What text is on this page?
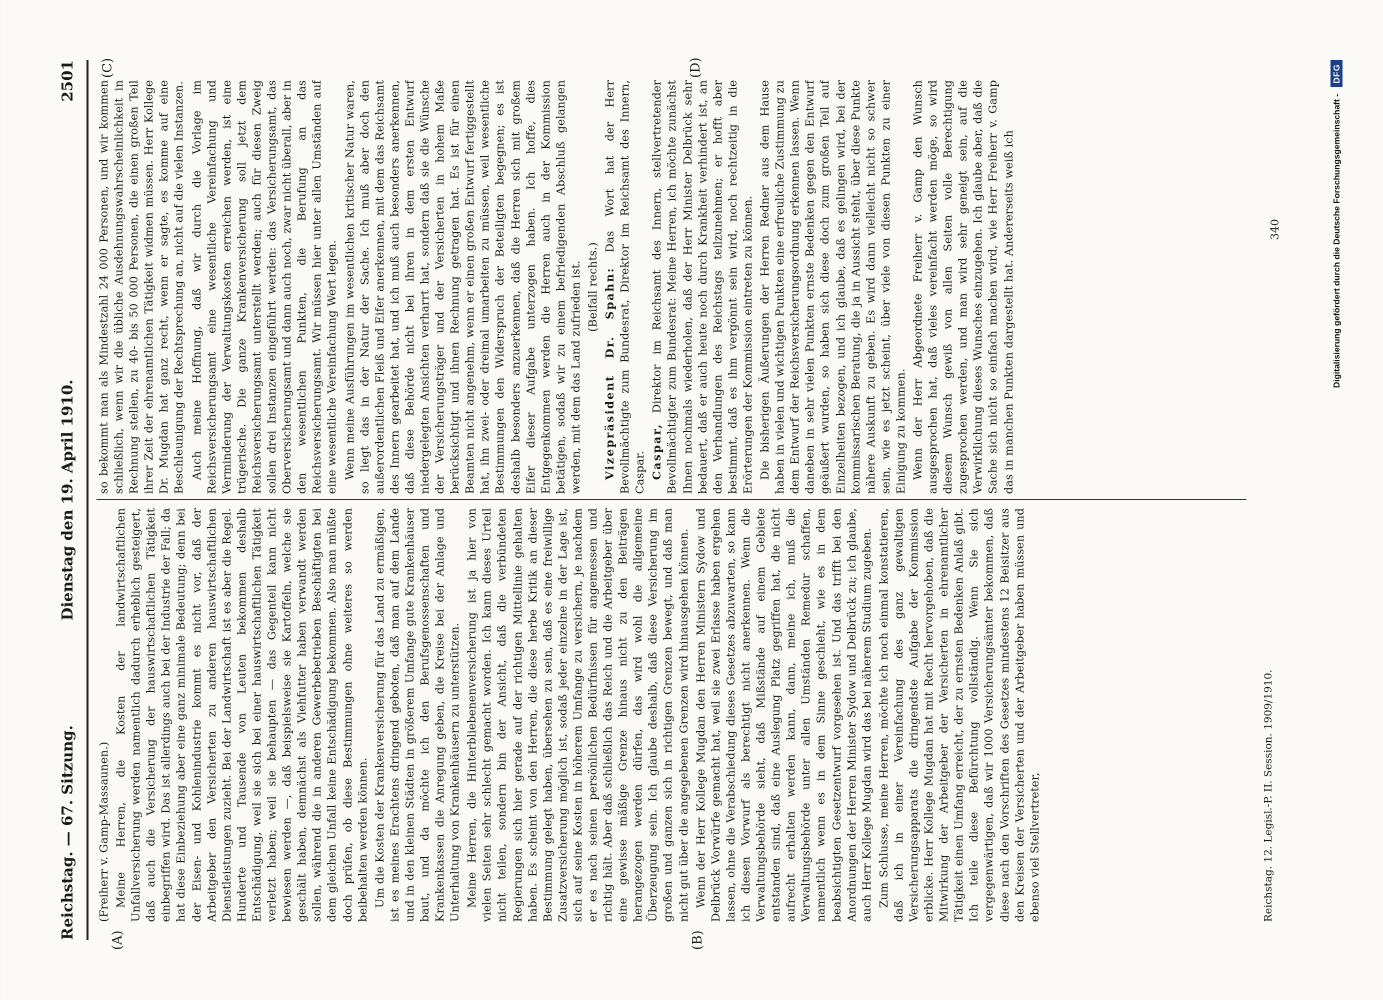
Reichstag. — 67. Sitzung.
Dienstag den 19. April 1910.
2501
(A)	(B)
(C)	(D)

(Freiherr v. Gamp-Massaunen.) Meine Herren, die Kosten der landwirtschaftlichen Unfallversicherung werden namentlich dadurch erheblich gesteigert, daß auch die Versicherung der hauswirtschaftlichen Tätigkeit einbegriffen wird. Das ist allerdings auch bei der Industrie der Fall; da hat diese Einbeziehung aber eine ganz minimale Bedeutung; denn bei der Eisen- und Kohlenindustrie kommt es nicht vor, daß der Arbeitgeber den Versicherten zu anderen hauswirtschaftlichen Dienstleistungen zuzieht. Bei der Landwirtschaft ist es aber die Regel. Hunderte und Tausende von Leuten bekommen deshalb Entschädigung, weil sie sich bei einer hauswirtschaftlichen Tätigkeit verletzt haben; weil sie behaupten — das Gegenteil kann nicht bewiesen werden —, daß beispielsweise sie Kartoffeln, welche sie geschält haben, demnächst als Viehfutter haben verwandt werden sollen, während die in anderen Gewerbebetrieben Beschäftigten bei dem gleichen Unfall keine Entschädigung bekommen. Also man müßte doch prüfen, ob diese Bestimmungen ohne weiteres so werden beibehalten werden können. Um die Kosten der Krankenversicherung für das Land zu ermäßigen, ist es meines Erachtens dringend geboten, daß man auf dem Lande und in den kleinen Städten in größerem Umfange gute Krankenhäuser baut, und da möchte ich den Berufsgenossenschaften und Krankenkassen die Anregung geben, die Kreise bei der Anlage und Unterhaltung von Krankenhäusern zu unterstützen. Meine Herren, die Hinterbliebenenversicherung ist ja hier von vielen Seiten sehr schlecht gemacht worden. Ich kann dieses Urteil nicht teilen, sondern bin der Ansicht, daß die verbündeten Regierungen sich hier gerade auf der richtigen Mittellinie gehalten haben. Es scheint von den Herren, die diese herbe Kritik an dieser Bestimmung gelegt haben, übersehen zu sein, daß es eine freiwillige Zusatzversicherung möglich ist, sodaß jeder einzelne in der Lage ist, sich auf seine Kosten in höherem Umfange zu versichern, je nachdem er es nach seinen persönlichen Bedürfnissen für angemessen und richtig hält. Aber daß schließlich das Reich und die Arbeitgeber über eine gewisse mäßige Grenze hinaus nicht zu den Beiträgen herangezogen werden dürfen, das wird wohl die allgemeine Überzeugung sein. Ich glaube deshalb, daß diese Versicherung im großen und ganzen sich in richtigen Grenzen bewegt, und daß man nicht gut über die angegebenen Grenzen wird hinausgehen können. Wenn der Herr Kollege Mugdan den Herren Ministern Sydow und Delbrück Vorwürfe gemacht hat, weil sie zwei Erlasse haben ergehen lassen, ohne die Verabschiedung dieses Gesetzes abzuwarten, so kann ich diesen Vorwurf als berechtigt nicht anerkennen. Wenn die Verwaltungsbehörde sieht, daß Mißstände auf einem Gebiete entstanden sind, daß eine Auslegung Platz gegriffen hat, die nicht aufrecht erhalten werden kann, dann, meine ich, muß die Verwaltungsbehörde unter allen Umständen Remedur schaffen, namentlich wenn es in dem Sinne geschieht, wie es in dem beabsichtigten Gesetzentwurf vorgesehen ist. Und das trifft bei den Anordnungen der Herren Minister Sydow und Delbrück zu; ich glaube, auch Herr Kollege Mugdan wird das bei näherem Studium zugeben. Zum Schlusse, meine Herren, möchte ich noch einmal konstatieren, daß ich in einer Vereinfachung des ganz gewaltigen Versicherungsapparats die dringendste Aufgabe der Kommission erblicke. Herr Kollege Mugdan hat mit Recht hervorgehoben, daß die Mitwirkung der Arbeitgeber der Versicherten in ehrenamtlicher Tätigkeit einen Umfang erreicht, der zu ernsten Bedenken Anlaß gibt. Ich teile diese Befürchtung vollständig. Wenn Sie sich vergegenwärtigen, daß wir 1000 Versicherungsämter bekommen, daß diese nach den Vorschriften des Gesetzes mindestens 12 Beisitzer aus den Kreisen der Versicherten und der Arbeitgeber haben müssen und ebenso viel Stellvertreter,

so bekommt man als Mindestzahl 24 000 Personen, und wir kommen schließlich, wenn wir die übliche Ausdehnungswahrscheinlichkeit in Rechnung stellen, zu 40- bis 50 000 Personen, die einen großen Teil ihrer Zeit der ehrenamtlichen Tätigkeit widmen müssen. Herr Kollege Dr. Mugdan hat ganz recht, wenn er sagte, es komme auf eine Beschleunigung der Rechtsprechung an, nicht auf die vielen Instanzen. Auch meine Hoffnung, daß wir durch die Vorlage im Reichsversicherungsamt eine wesentliche Vereinfachung und Verminderung der Verwaltungskosten erreichen werden, ist eine trügerische. Die ganze Krankenversicherung soll jetzt dem Reichsversicherungsamt unterstellt werden; auch für diesen Zweig sollen drei Instanzen eingeführt werden: das Versicherungsamt, das Oberversicherungsamt und dann auch noch, zwar nicht überall, aber in den wesentlichen Punkten, die Berufung an das Reichsversicherungsamt. Wir müssen hier unter allen Umständen auf eine wesentliche Vereinfachung Wert legen. Wenn meine Ausführungen im wesentlichen kritischer Natur waren, so liegt das in der Natur der Sache. Ich muß aber doch den außerordentlichen Fleiß und Eifer anerkennen, mit dem das Reichsamt des Innern gearbeitet hat, und ich muß auch besonders anerkennen, daß diese Behörde nicht bei ihren in dem ersten Entwurf niedergelegten Ansichten verharrt hat, sondern daß sie die Wünsche der Versicherungsträger und der Versicherten in hohem Maße berücksichtigt und ihnen Rechnung getragen hat. Es ist für einen Beamten nicht angenehm, wenn er einen großen Entwurf fertiggestellt hat, ihn zwei- oder dreimal umarbeiten zu müssen, weil wesentliche Bestimmungen den Widerspruch der Beteiligten begegnen; es ist deshalb besonders anzuerkennen, daß die Herren sich mit großem Eifer dieser Aufgabe unterzogen haben. Ich hoffe, dies Entgegenkommen werden die Herren auch in der Kommission betätigen, sodaß wir zu einem befriedigenden Abschluß gelangen werden, mit dem das Land zufrieden ist. (Beifall rechts.) Vizepräsident Dr. Spahn: Das Wort hat der Herr Bevollmächtigte zum Bundesrat, Direktor im Reichsamt des Innern, Caspar. Caspar, Direktor im Reichsamt des Innern, stellvertretender Bevollmächtigter zum Bundesrat: Meine Herren, ich möchte zunächst Ihnen nochmals wiederholen, daß der Herr Minister Delbrück sehr bedauert, daß er auch heute noch durch Krankheit verhindert ist, an den Verhandlungen des Reichstags teilzunehmen; er hofft aber bestimmt, daß es ihm vergönnt sein wird, noch rechtzeitig in die Erörterungen der Kommission eintreten zu können. Die bisherigen Äußerungen der Herren Redner aus dem Hause haben in vielen und wichtigen Punkten eine erfreuliche Zustimmung zu dem Entwurf der Reichsversicherungsordnung erkennen lassen. Wenn daneben in sehr vielen Punkten ernste Bedenken gegen den Entwurf geäußert wurden, so haben sich diese doch zum großen Teil auf Einzelheiten bezogen, und ich glaube, daß es gelingen wird, bei der kommissarischen Beratung, die ja in Aussicht steht, über diese Punkte nähere Auskunft zu geben. Es wird dann vielleicht nicht so schwer sein, wie es jetzt scheint, über viele von diesen Punkten zu einer Einigung zu kommen. Wenn der Herr Abgeordnete Freiherr v. Gamp den Wunsch ausgesprochen hat, daß vieles vereinfacht werden möge, so wird diesem Wunsch gewiß von allen Seiten volle Berechtigung zugesprochen werden, und man wird sehr geneigt sein, auf die Verwirklichung dieses Wunsches einzugehen. Ich glaube aber, daß die Sache sich nicht so einfach machen wird, wie Herr Freiherr v. Gamp das in manchen Punkten dargestellt hat. Andererseits weiß ich

Reichstag. 12. Legisl.-P. II. Session. 1909/1910.
340	Digitalisierung gefördert durch die Deutsche Forschungsgemeinschaft - DFG
